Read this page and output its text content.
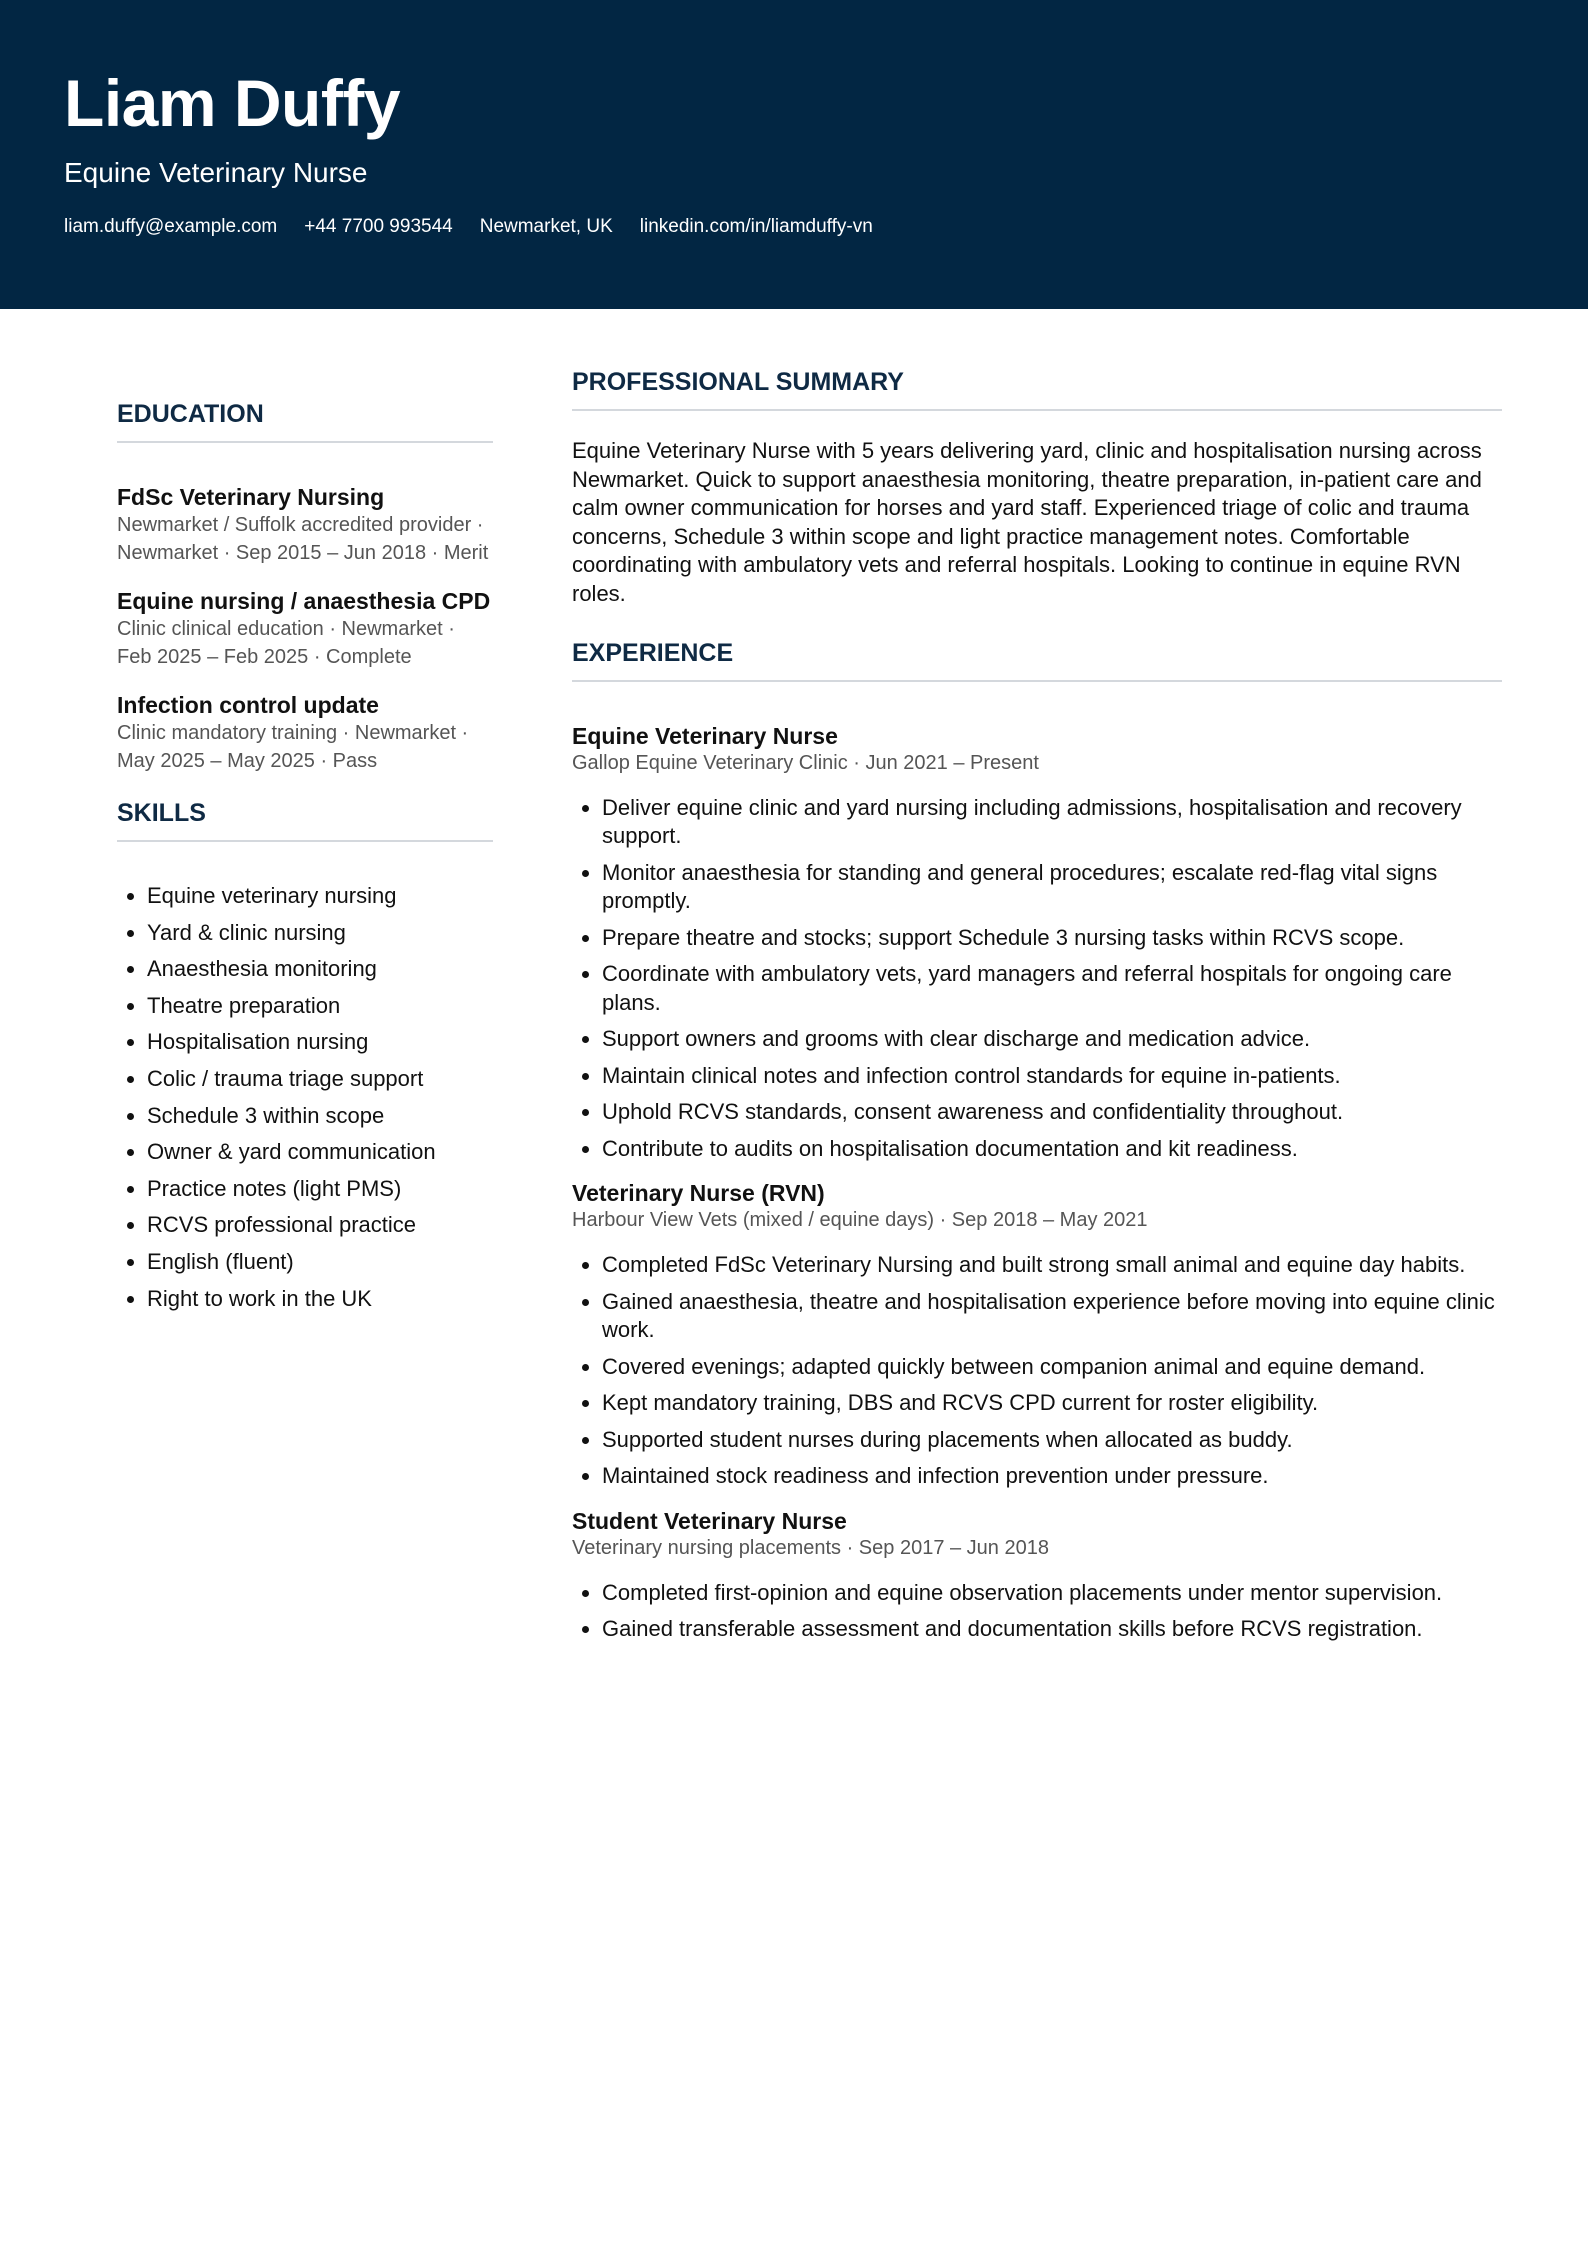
Liam Duffy
Equine Veterinary Nurse
liam.duffy@example.com +44 7700 993544 Newmarket, UK linkedin.com/in/liamduffy-vn
EDUCATION
FdSc Veterinary Nursing
Newmarket / Suffolk accredited provider · Newmarket · Sep 2015 – Jun 2018 · Merit
Equine nursing / anaesthesia CPD
Clinic clinical education · Newmarket · Feb 2025 – Feb 2025 · Complete
Infection control update
Clinic mandatory training · Newmarket · May 2025 – May 2025 · Pass
SKILLS
• Equine veterinary nursing
• Yard & clinic nursing
• Anaesthesia monitoring
• Theatre preparation
• Hospitalisation nursing
• Colic / trauma triage support
• Schedule 3 within scope
• Owner & yard communication
• Practice notes (light PMS)
• RCVS professional practice
• English (fluent)
• Right to work in the UK
PROFESSIONAL SUMMARY
Equine Veterinary Nurse with 5 years delivering yard, clinic and hospitalisation nursing across Newmarket. Quick to support anaesthesia monitoring, theatre preparation, in-patient care and calm owner communication for horses and yard staff. Experienced triage of colic and trauma concerns, Schedule 3 within scope and light practice management notes. Comfortable coordinating with ambulatory vets and referral hospitals. Looking to continue in equine RVN roles.
EXPERIENCE
Equine Veterinary Nurse
Gallop Equine Veterinary Clinic · Jun 2021 – Present
• Deliver equine clinic and yard nursing including admissions, hospitalisation and recovery support.
• Monitor anaesthesia for standing and general procedures; escalate red-flag vital signs promptly.
• Prepare theatre and stocks; support Schedule 3 nursing tasks within RCVS scope.
• Coordinate with ambulatory vets, yard managers and referral hospitals for ongoing care plans.
• Support owners and grooms with clear discharge and medication advice.
• Maintain clinical notes and infection control standards for equine in-patients.
• Uphold RCVS standards, consent awareness and confidentiality throughout.
• Contribute to audits on hospitalisation documentation and kit readiness.
Veterinary Nurse (RVN)
Harbour View Vets (mixed / equine days) · Sep 2018 – May 2021
• Completed FdSc Veterinary Nursing and built strong small animal and equine day habits.
• Gained anaesthesia, theatre and hospitalisation experience before moving into equine clinic work.
• Covered evenings; adapted quickly between companion animal and equine demand.
• Kept mandatory training, DBS and RCVS CPD current for roster eligibility.
• Supported student nurses during placements when allocated as buddy.
• Maintained stock readiness and infection prevention under pressure.
Student Veterinary Nurse
Veterinary nursing placements · Sep 2017 – Jun 2018
• Completed first-opinion and equine observation placements under mentor supervision.
• Gained transferable assessment and documentation skills before RCVS registration.
